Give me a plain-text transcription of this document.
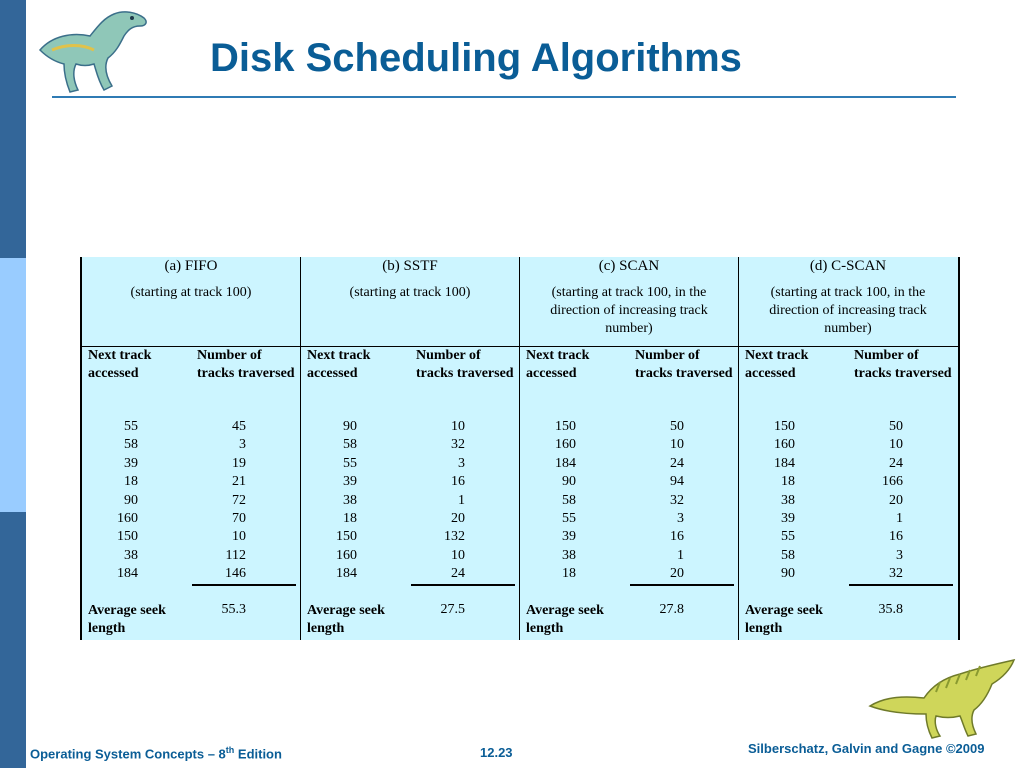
Disk Scheduling Algorithms
(a) FIFO
(starting at track 100)
Next track accessed
Number of tracks traversed
55	45
58	3
39	19
18	21
90	72
160	70
150	10
38	112
184	146
Average seek length
55.3
(b) SSTF
(starting at track 100)
Next track accessed
Number of tracks traversed
90	10
58	32
55	3
39	16
38	1
18	20
150	132
160	10
184	24
Average seek length
27.5
(c) SCAN
(starting at track 100, in the direction of increasing track number)
Next track accessed
Number of tracks traversed
150	50
160	10
184	24
90	94
58	32
55	3
39	16
38	1
18	20
Average seek length
27.8
(d) C-SCAN
(starting at track 100, in the direction of increasing track number)
Next track accessed
Number of tracks traversed
150	50
160	10
184	24
18	166
38	20
39	1
55	16
58	3
90	32
Average seek length
35.8
Operating System Concepts – 8th Edition	12.23	Silberschatz, Galvin and Gagne ©2009
